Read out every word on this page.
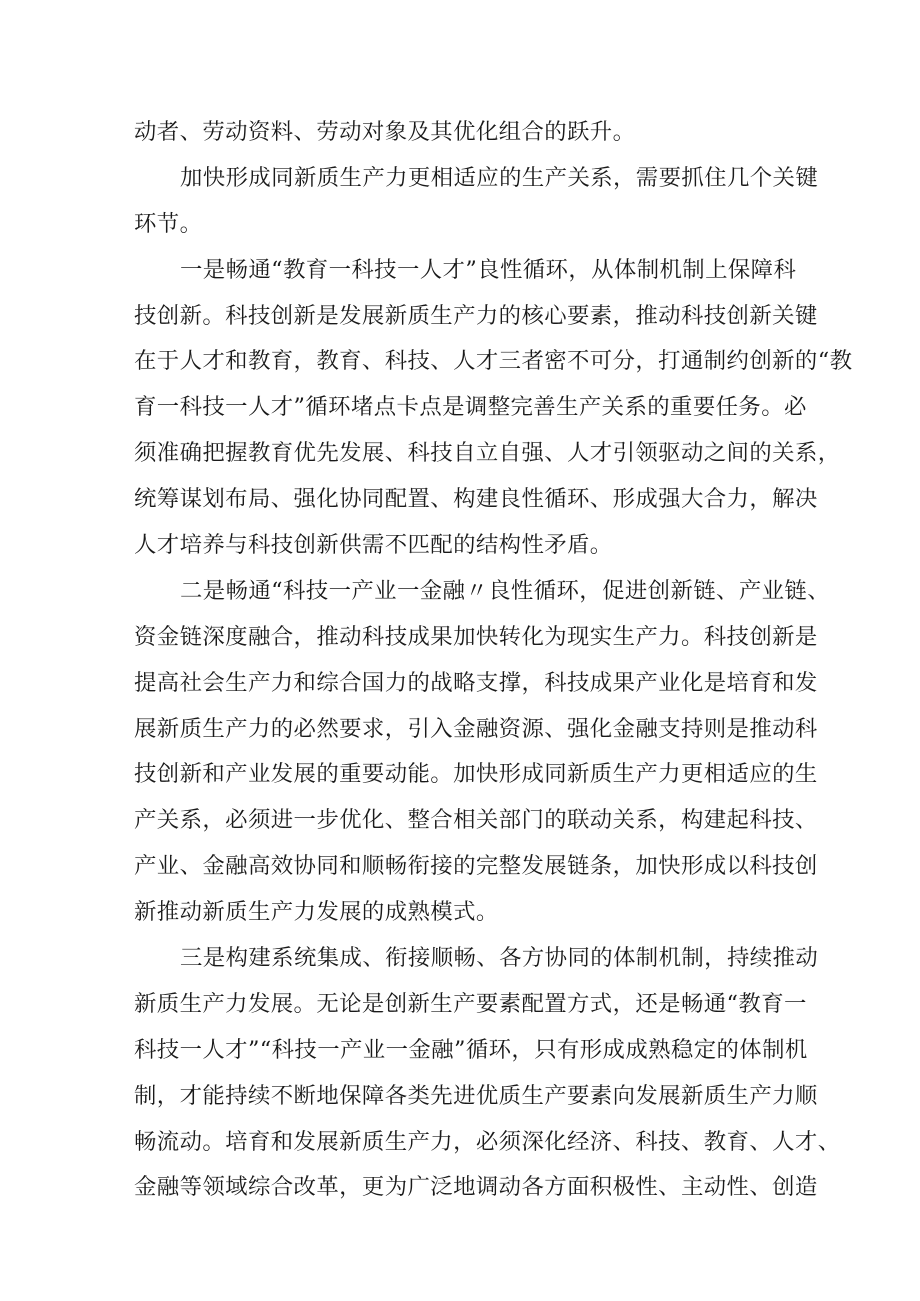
动者、劳动资料、劳动对象及其优化组合的跃升。
加快形成同新质生产力更相适应的生产关系，需要抓住几个关键
环节。
一是畅通“教育一科技一人才”良性循环，从体制机制上保障科
技创新。科技创新是发展新质生产力的核心要素，推动科技创新关键
在于人才和教育，教育、科技、人才三者密不可分，打通制约创新的“教
育一科技一人才”循环堵点卡点是调整完善生产关系的重要任务。必
须准确把握教育优先发展、科技自立自强、人才引领驱动之间的关系，
统筹谋划布局、强化协同配置、构建良性循环、形成强大合力，解决
人才培养与科技创新供需不匹配的结构性矛盾。
二是畅通“科技一产业一金融〃良性循环，促进创新链、产业链、
资金链深度融合，推动科技成果加快转化为现实生产力。科技创新是
提高社会生产力和综合国力的战略支撑，科技成果产业化是培育和发
展新质生产力的必然要求，引入金融资源、强化金融支持则是推动科
技创新和产业发展的重要动能。加快形成同新质生产力更相适应的生
产关系，必须进一步优化、整合相关部门的联动关系，构建起科技、
产业、金融高效协同和顺畅衔接的完整发展链条，加快形成以科技创
新推动新质生产力发展的成熟模式。
三是构建系统集成、衔接顺畅、各方协同的体制机制，持续推动
新质生产力发展。无论是创新生产要素配置方式，还是畅通“教育一
科技一人才”“科技一产业一金融”循环，只有形成成熟稳定的体制机
制，才能持续不断地保障各类先进优质生产要素向发展新质生产力顺
畅流动。培育和发展新质生产力，必须深化经济、科技、教育、人才、
金融等领域综合改革，更为广泛地调动各方面积极性、主动性、创造
